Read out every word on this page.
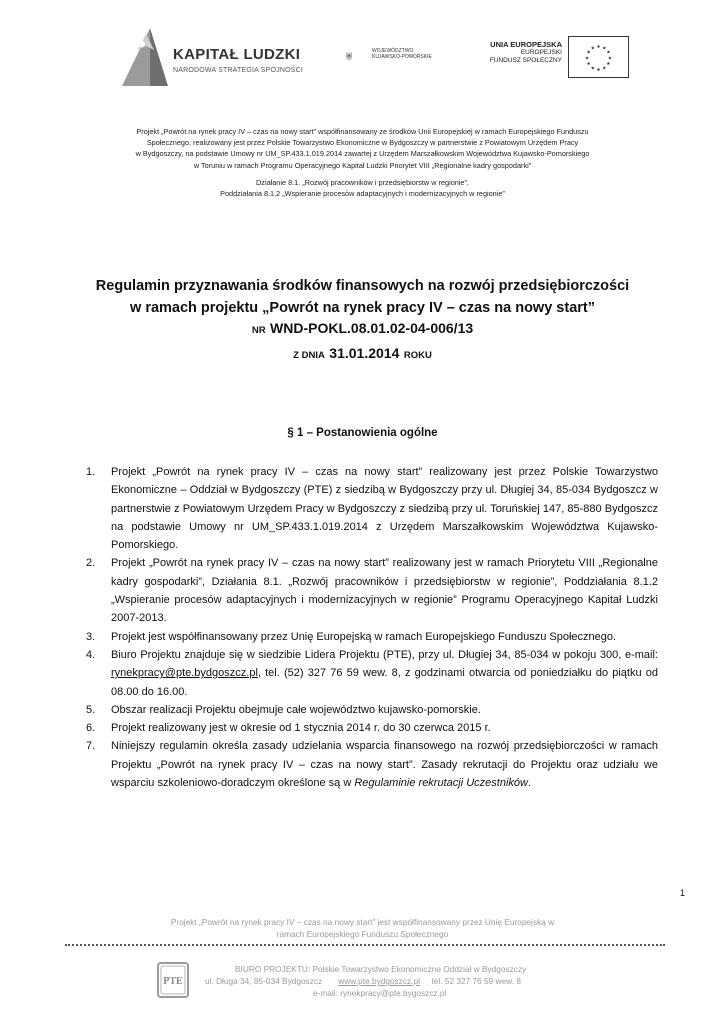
KAPITAŁ LUDZKI
NARODOWA STRATEGIA SPÓJNOŚCI
WOJEWÓDZTWO
KUJAWSKO-POMORSKIE
UNIA EUROPEJSKA
EUROPEJSKI
FUNDUSZ SPOŁECZNY	★
★
★
★
★
★
★
★
★ ★ ★
★
Projekt „Powrót na rynek pracy IV – czas na nowy start” współfinansowany ze środków Unii Europejskiej w ramach Europejskiego Funduszu
Społecznego, realizowany jest przez Polskie Towarzystwo Ekonomiczne w Bydgoszczy w partnerstwie z Powiatowym Urzędem Pracy
w Bydgoszczy, na podstawie Umowy nr UM_SP.433.1.019.2014 zawartej z Urzędem Marszałkowskim Województwa Kujawsko-Pomorskiego
w Toruniu w ramach Programu Operacyjnego Kapitał Ludzki Priorytet VIII „Regionalne kadry gospodarki”
Działanie 8.1. „Rozwój pracowników i przedsiębiorstw w regionie”,
Poddziałania 8.1.2 „Wspieranie procesów adaptacyjnych i modernizacyjnych w regionie”
Regulamin przyznawania środków finansowych na rozwój przedsiębiorczości
w ramach projektu „Powrót na rynek pracy IV – czas na nowy start”
NR WND-POKL.08.01.02-04-006/13
Z DNIA 31.01.2014 ROKU
§ 1 – Postanowienia ogólne
1. Projekt „Powrót na rynek pracy IV – czas na nowy start” realizowany jest przez Polskie Towarzystwo Ekonomiczne – Oddział w Bydgoszczy (PTE) z siedzibą w Bydgoszczy przy ul. Długiej 34, 85-034 Bydgoszcz w partnerstwie z Powiatowym Urzędem Pracy w Bydgoszczy z siedzibą przy ul. Toruńskiej 147, 85-880 Bydgoszcz na podstawie Umowy nr UM_SP.433.1.019.2014 z Urzędem Marszałkowskim Województwa Kujawsko-Pomorskiego.
2. Projekt „Powrót na rynek pracy IV – czas na nowy start” realizowany jest w ramach Priorytetu VIII „Regionalne kadry gospodarki”, Działania 8.1. „Rozwój pracowników i przedsiębiorstw w regionie”, Poddziałania 8.1.2 „Wspieranie procesów adaptacyjnych i modernizacyjnych w regionie” Programu Operacyjnego Kapitał Ludzki 2007-2013.
3. Projekt jest współfinansowany przez Unię Europejską w ramach Europejskiego Funduszu Społecznego.
4. Biuro Projektu znajduje się w siedzibie Lidera Projektu (PTE), przy ul. Długiej 34, 85-034 w pokoju 300, e-mail: rynekpracy@pte.bydgoszcz.pl, tel. (52) 327 76 59 wew. 8, z godzinami otwarcia od poniedziałku do piątku od 08.00 do 16.00.
5. Obszar realizacji Projektu obejmuje całe województwo kujawsko-pomorskie.
6. Projekt realizowany jest w okresie od 1 stycznia 2014 r. do 30 czerwca 2015 r.
7. Niniejszy regulamin określa zasady udzielania wsparcia finansowego na rozwój przedsiębiorczości w ramach Projektu „Powrót na rynek pracy IV – czas na nowy start”. Zasady rekrutacji do Projektu oraz udziału we wsparciu szkoleniowo-doradczym określone są w Regulaminie rekrutacji Uczestników.
1
Projekt „Powrót na rynek pracy IV – czas na nowy start” jest współfinansowany przez Unię Europejską w
ramach Europejskiego Funduszu Społecznego
PTE
BIURO PROJEKTU: Polskie Towarzystwo Ekonomiczne Oddział w Bydgoszczy
ul. Długa 34, 85-034 Bydgoszcz www.pte.bydgoszcz.pl tel. 52 327 76 59 wew. 8
e-mail: rynekpracy@pte.bygoszcz.pl
